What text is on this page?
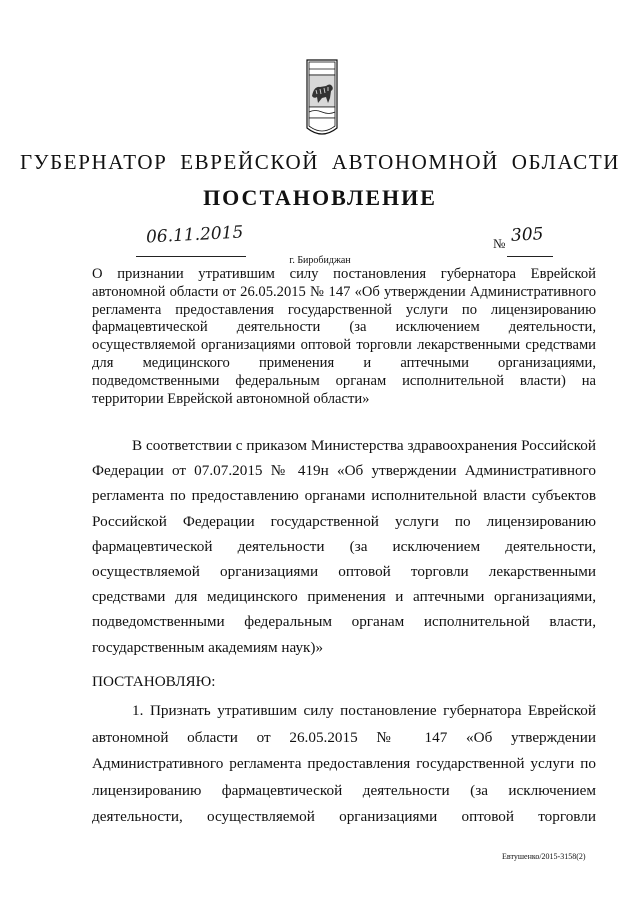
ГУБЕРНАТОР ЕВРЕЙСКОЙ АВТОНОМНОЙ ОБЛАСТИ
ПОСТАНОВЛЕНИЕ
06.11.2015	№ 305
г. Биробиджан
О признании утратившим силу постановления губернатора Еврейской автономной области от 26.05.2015 № 147 «Об утверждении Административного регламента предоставления государственной услуги по лицензированию фармацевтической деятельности (за исключением деятельности, осуществляемой организациями оптовой торговли лекарственными средствами для медицинского применения и аптечными организациями, подведомственными федеральным органам исполнительной власти) на территории Еврейской автономной области»
В соответствии с приказом Министерства здравоохранения Российской Федерации от 07.07.2015 № 419н «Об утверждении Административного регламента по предоставлению органами исполнительной власти субъектов Российской Федерации государственной услуги по лицензированию фармацевтической деятельности (за исключением деятельности, осуществляемой организациями оптовой торговли лекарственными средствами для медицинского применения и аптечными организациями, подведомственными федеральным органам исполнительной власти, государственным академиям наук)»
ПОСТАНОВЛЯЮ:
1. Признать утратившим силу постановление губернатора Еврейской автономной области от 26.05.2015 № 147 «Об утверждении Административного регламента предоставления государственной услуги по лицензированию фармацевтической деятельности (за исключением деятельности, осуществляемой организациями оптовой торговли
Евтушенко/2015-3158(2)
